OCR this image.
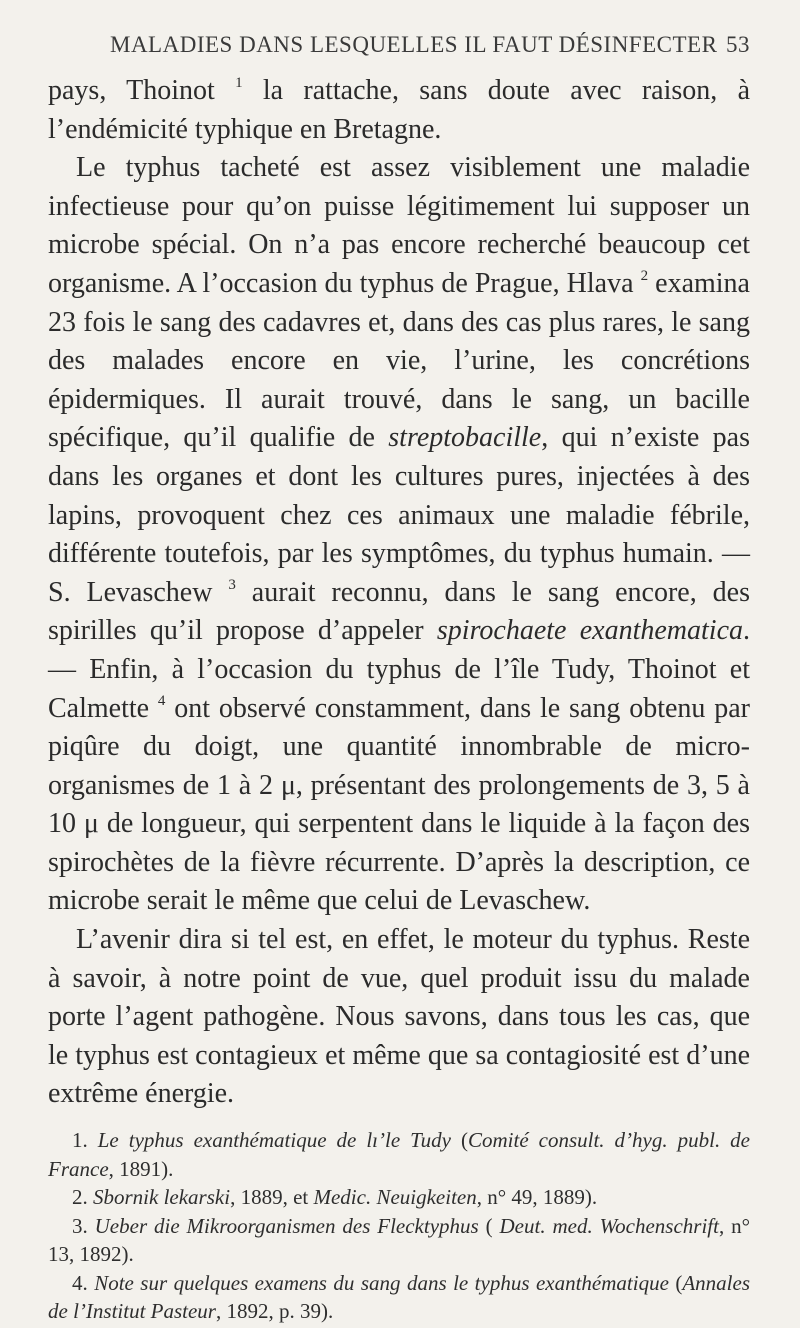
MALADIES DANS LESQUELLES IL FAUT DÉSINFECTER 53

pays, Thoinot $^1$ la rattache, sans doute avec raison, à l’endémicité typhique en Bretagne.

 Le typhus tacheté est assez visiblement une maladie infectieuse pour qu’on puisse légitimement lui supposer un microbe spécial. On n’a pas encore recherché beaucoup cet organisme. A l’occasion du typhus de Prague, Hlava $^2$ examina 23 fois le sang des cadavres et, dans des cas plus rares, le sang des malades encore en vie, l’urine, les concrétions épidermiques. Il aurait trouvé, dans le sang, un bacille spécifique, qu’il qualifie de streptobacille, qui n’existe pas dans les organes et dont les cultures pures, injectées à des lapins, provoquent chez ces animaux une maladie fébrile, différente toutefois, par les symptômes, du typhus humain. — S. Levaschew $^3$ aurait reconnu, dans le sang encore, des spirilles qu’il propose d’appeler spirochaete exanthematica. — Enfin, à l’occasion du typhus de l’île Tudy, Thoinot et Calmette $^4$ ont observé constamment, dans le sang obtenu par piqûre du doigt, une quantité innombrable de micro-organismes de 1 à 2 μ, présentant des prolongements de 3, 5 à 10 μ de longueur, qui serpentent dans le liquide à la façon des spirochètes de la fièvre récurrente. D’après la description, ce microbe serait le même que celui de Levaschew.

 L’avenir dira si tel est, en effet, le moteur du typhus. Reste à savoir, à notre point de vue, quel produit issu du malade porte l’agent pathogène. Nous savons, dans tous les cas, que le typhus est contagieux et même que sa contagiosité est d’une extrême énergie.

1. Le typhus exanthématique de lı’le Tudy (Comité consult. d’hyg. publ. de France, 1891).

2. Sbornik lekarski, 1889, et Medic. Neuigkeiten, n° 49, 1889).

3. Ueber die Mikroorganismen des Flecktyphus ( Deut. med. Wochenschrift, n° 13, 1892).

4. Note sur quelques examens du sang dans le typhus exanthématique (Annales de l’Institut Pasteur, 1892, p. 39).
